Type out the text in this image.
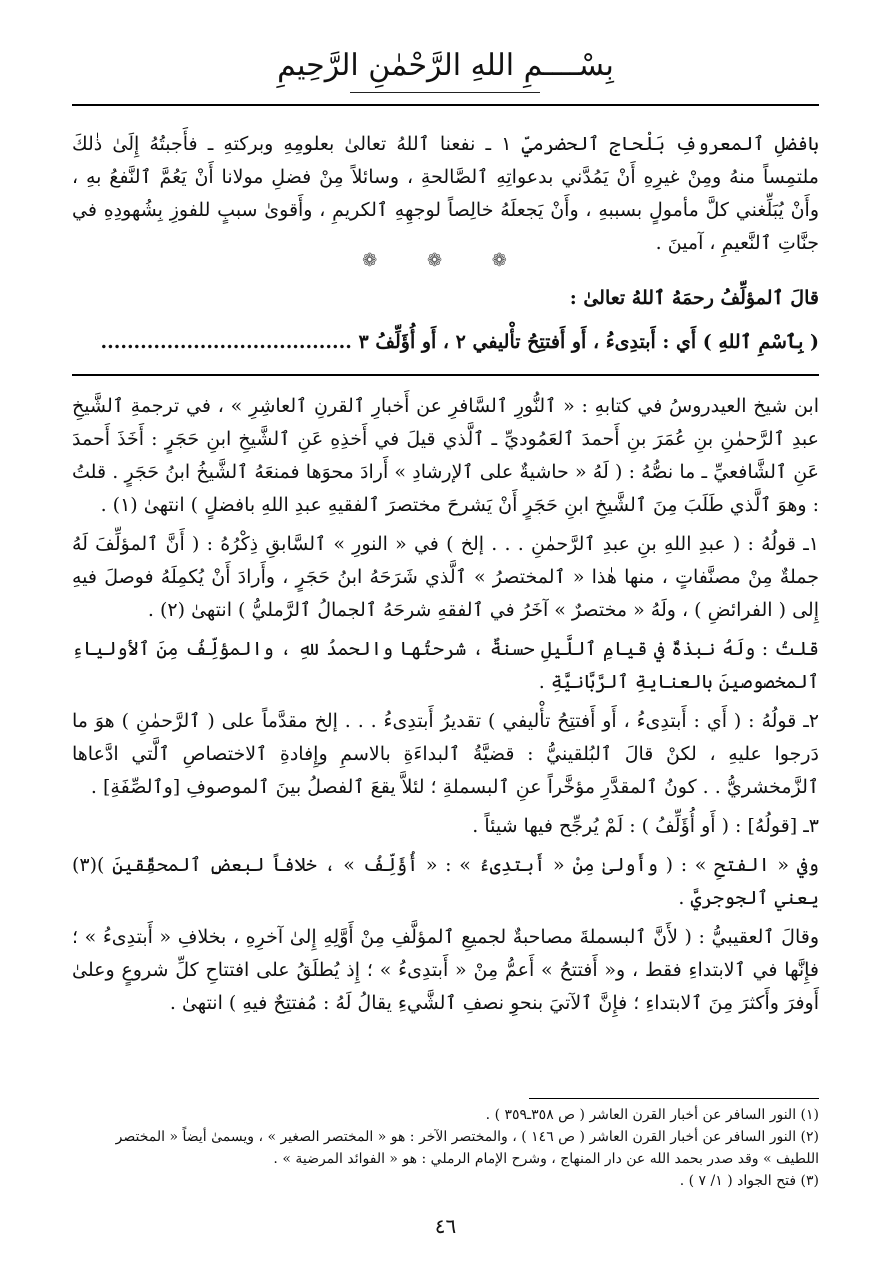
بِسْــــمِ اللهِ الرَّحْمٰنِ الرَّحِيمِ
بافضلِ ٱلمعروفِ بَلْحاج ٱلحضرميِّ ١ ـ نفعنا ٱللهُ تعالىٰ بعلومِهِ وبركتهِ ـ فأَجبتُهُ إِلَىٰ ذٰلكَ ملتمِساً منهُ ومِنْ غيرِهِ أَنْ يَمُدَّني بدعواتِهِ ٱلصَّالحةِ ، وسائلاً مِنْ فضلِ مولانا أَنْ يَعُمَّ ٱلنَّفعُ بهِ ، وأَنْ يُبَلِّغني كلَّ مأمولٍ بسببهِ ، وأَنْ يَجعلَهُ خالِصاً لوجهِهِ ٱلكريمِ ، وأَقوىٰ سببٍ للفوزِ بِشُهودِهِ في جنَّاتِ ٱلنَّعيمِ ، آمينَ .
❁ ❁ ❁
قالَ ٱلمؤلِّفُ رحمَهُ ٱللهُ تعالىٰ :
( بِٱسْمِ ٱللهِ ) أَي : أَبتدِىءُ ، أَو أَفتتِحُ تأْليفي ٢ ، أَو أُؤَلِّفُ ٣ ......................................

ابن شيخ العيدروسُ في كتابهِ : « ٱلنُّورِ ٱلسَّافرِ عن أَخبارِ ٱلقرنِ ٱلعاشِرِ » ، في ترجمةِ ٱلشَّيخِ عبدِ ٱلرَّحمٰنِ بنِ عُمَرَ بنِ أَحمدَ ٱلعَمُوديِّ ـ ٱلَّذي قيلَ في أَخذِهِ عَنِ ٱلشَّيخِ ابنِ حَجَرٍ : أَخَذَ أَحمدَ عَنِ ٱلشَّافعيِّ ـ ما نصُّهُ : ( لَهُ « حاشيةٌ على ٱلإرشادِ » أَرادَ محوَها فمنعَهُ ٱلشَّيخُ ابنُ حَجَرٍ . قلتُ : وهوَ ٱلَّذي طَلَبَ مِنَ ٱلشَّيخِ ابنِ حَجَرٍ أَنْ يَشرحَ مختصرَ ٱلفقيهِ عبدِ اللهِ بافضلٍ ) انتهىٰ (١) .

١ـ قولُهُ : ( عبدِ اللهِ بنِ عبدِ ٱلرَّحمٰنِ . . . إلخ ) في « النورِ » ٱلسَّابقِ ذِكْرُهُ : ( أَنَّ ٱلمؤلِّفَ لَهُ جملةٌ مِنْ مصنَّفاتٍ ، منها هٰذا « ٱلمختصرُ » ٱلَّذي شَرَحَهُ ابنُ حَجَرٍ ، وأَرادَ أَنْ يُكمِلَهُ فوصلَ فيهِ إِلى ( الفرائضِ ) ، ولَهُ « مختصرٌ » آخَرُ في ٱلفقهِ شرحَهُ ٱلجمالُ ٱلرَّمليُّ ) انتهىٰ (٢) .

قلتُ : ولَهُ نبذةٌ في قيامِ ٱللَّيلِ حسنةٌ ، شرحتُها والحمدُ للهِ ، والمؤلِّفُ مِنَ ٱلأولياءِ ٱلمخصوصينَ بالعنايةِ ٱلرَّبَّانيَّةِ .

٢ـ قولُهُ : ( أَي : أَبتدِىءُ ، أَو أَفتتِحُ تأْليفي ) تقديرُ أَبتدِىءُ . . . إلخ مقدَّماً على ( ٱلرَّحمٰنِ ) هوَ ما دَرجوا عليهِ ، لكنْ قالَ ٱلبُلقينيُّ : قضيَّةُ ٱلبداءَةِ بالاسمِ وإِفادةِ ٱلاختصاصِ ٱلَّتي ادَّعاها ٱلزَّمخشريُّ . . كونُ ٱلمقدَّرِ مؤخَّراً عنِ ٱلبسملةِ ؛ لئلاَّ يقعَ ٱلفصلُ بينَ ٱلموصوفِ [وٱلصِّفَةِ] .

٣ـ [قولُهُ] : ( أَو أُؤَلِّفُ ) : لَمْ يُرجِّح فيها شيئاً .

وفي « الفتحِ » : ( وأَولىٰ مِنْ « أَبتدِىءُ » : « أُؤَلِّفُ » ، خلافاً لبعضِ ٱلمحقِّقينَ )(٣) يعني ٱلجوجريَّ .

وقالَ ٱلعقيبيُّ : ( لأَنَّ ٱلبسملةَ مصاحبةٌ لجميعِ ٱلمؤلَّفِ مِنْ أَوَّلِهِ إِلىٰ آخرِهِ ، بخلافِ « أَبتدِىءُ » ؛ فإِنَّها في ٱلابتداءِ فقط ، و« أَفتتحُ » أَعمُّ مِنْ « أَبتدِىءُ » ؛ إِذ يُطلَقُ على افتتاحِ كلِّ شروعٍ وعلىٰ أَوفرَ وأَكثرَ مِنَ ٱلابتداءِ ؛ فإِنَّ ٱلآتيَ بنحوِ نصفِ ٱلشَّيءِ يقالُ لَهُ : مُفتتِحٌ فيهِ ) انتهىٰ .

(١) النور السافر عن أخبار القرن العاشر ( ص ٣٥٨ـ٣٥٩ ) .
(٢) النور السافر عن أخبار القرن العاشر ( ص ١٤٦ ) ، والمختصر الآخر : هو « المختصر الصغير » ، ويسمىٰ أيضاً « المختصر اللطيف » وقد صدر بحمد الله عن دار المنهاج ، وشرح الإمام الرملي : هو « الفوائد المرضية » .
(٣) فتح الجواد ( ١/ ٧ ) .
٤٦
